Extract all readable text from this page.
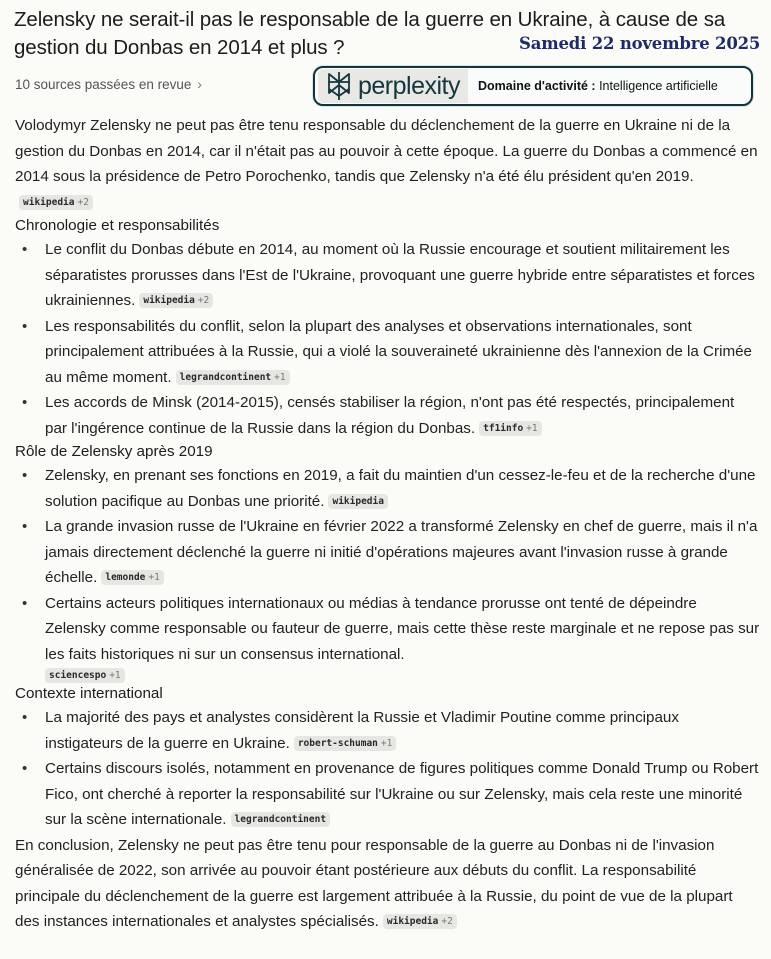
Zelensky ne serait-il pas le responsable de la guerre en Ukraine, à cause de sa gestion du Donbas en 2014 et plus ?	Samedi 22 novembre 2025
10 sources passées en revue ›	perplexity Domaine d'activité : Intelligence artificielle

Volodymyr Zelensky ne peut pas être tenu responsable du déclenchement de la guerre en Ukraine ni de la gestion du Donbas en 2014, car il n'était pas au pouvoir à cette époque. La guerre du Donbas a commencé en 2014 sous la présidence de Petro Porochenko, tandis que Zelensky n'a été élu président qu'en 2019.wikipedia +2

Chronologie et responsabilités
• Le conflit du Donbas débute en 2014, au moment où la Russie encourage et soutient militairement les séparatistes prorusses dans l'Est de l'Ukraine, provoquant une guerre hybride entre séparatistes et forces ukrainiennes. wikipedia +2
• Les responsabilités du conflit, selon la plupart des analyses et observations internationales, sont principalement attribuées à la Russie, qui a violé la souveraineté ukrainienne dès l'annexion de la Crimée au même moment. legrandcontinent +1
• Les accords de Minsk (2014-2015), censés stabiliser la région, n'ont pas été respectés, principalement par l'ingérence continue de la Russie dans la région du Donbas. tf1info +1
Rôle de Zelensky après 2019
• Zelensky, en prenant ses fonctions en 2019, a fait du maintien d'un cessez-le-feu et de la recherche d'une solution pacifique au Donbas une priorité. wikipedia
• La grande invasion russe de l'Ukraine en février 2022 a transformé Zelensky en chef de guerre, mais il n'a jamais directement déclenché la guerre ni initié d'opérations majeures avant l'invasion russe à grande échelle. lemonde +1
• Certains acteurs politiques internationaux ou médias à tendance prorusse ont tenté de dépeindre Zelensky comme responsable ou fauteur de guerre, mais cette thèse reste marginale et ne repose pas sur les faits historiques ni sur un consensus international.
sciencespo +1
Contexte international
• La majorité des pays et analystes considèrent la Russie et Vladimir Poutine comme principaux instigateurs de la guerre en Ukraine. robert-schuman +1
• Certains discours isolés, notamment en provenance de figures politiques comme Donald Trump ou Robert Fico, ont cherché à reporter la responsabilité sur l'Ukraine ou sur Zelensky, mais cela reste une minorité sur la scène internationale. legrandcontinent

En conclusion, Zelensky ne peut pas être tenu pour responsable de la guerre au Donbas ni de l'invasion généralisée de 2022, son arrivée au pouvoir étant postérieure aux débuts du conflit. La responsabilité principale du déclenchement de la guerre est largement attribuée à la Russie, du point de vue de la plupart des instances internationales et analystes spécialisés. wikipedia +2
